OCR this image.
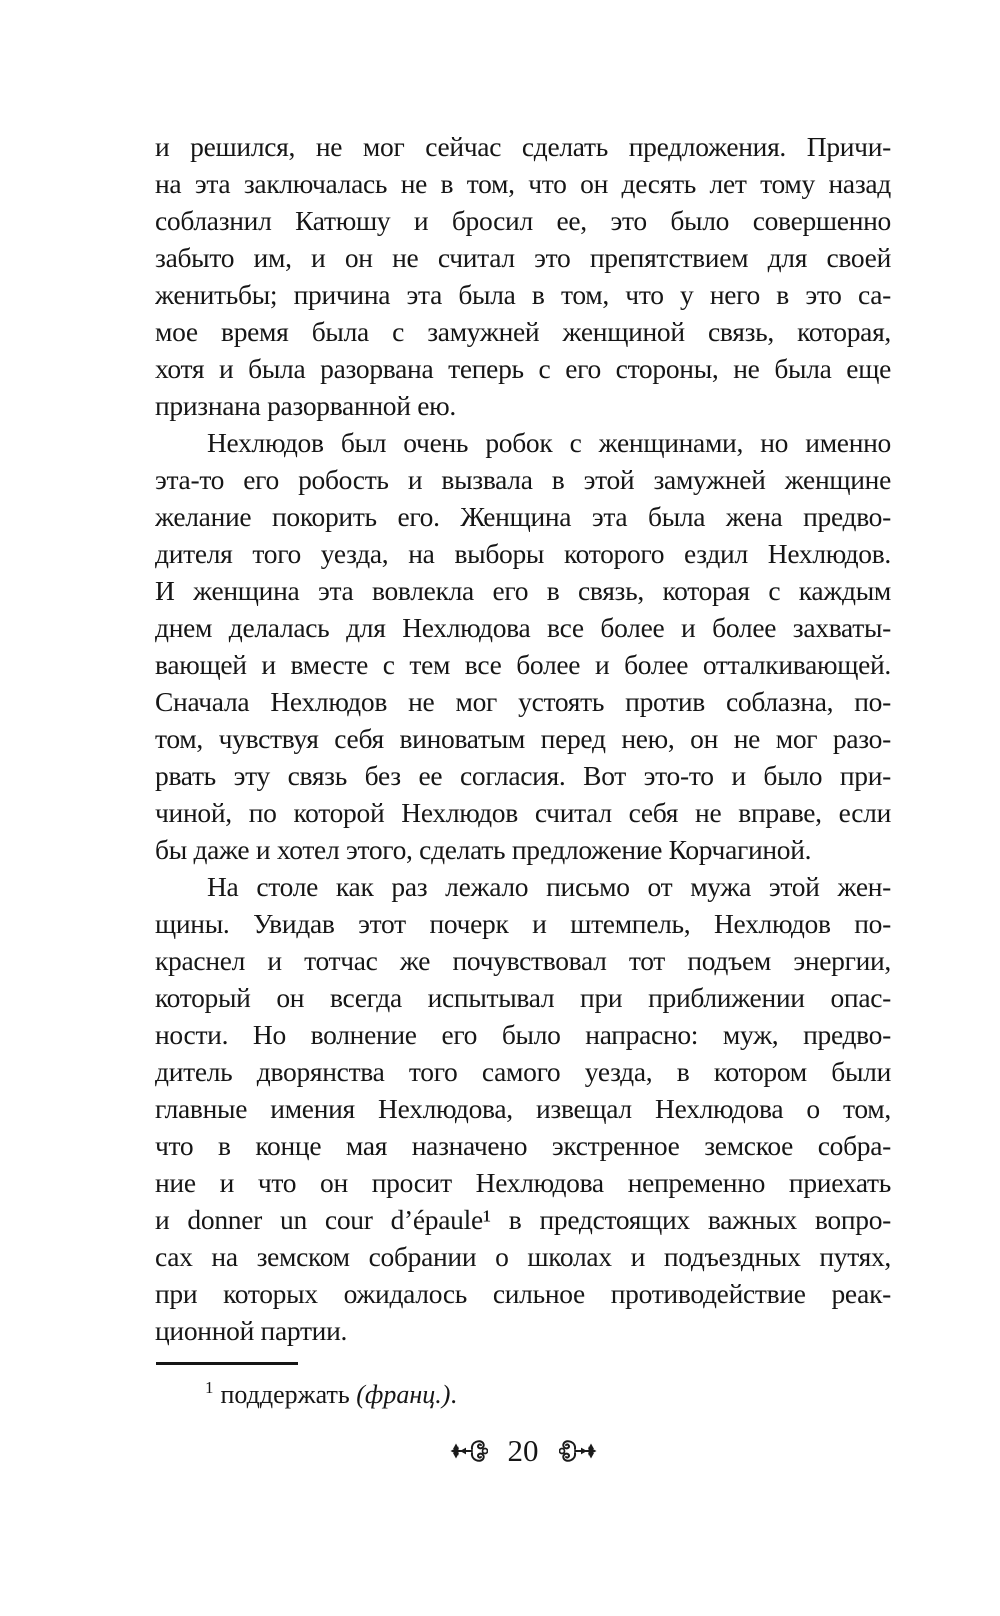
и решился, не мог сейчас сделать предложения. Причи-
на эта заключалась не в том, что он десять лет тому назад
соблазнил Катюшу и бросил ее, это было совершенно
забыто им, и он не считал это препятствием для своей
женитьбы; причина эта была в том, что у него в это са-
мое время была с замужней женщиной связь, которая,
хотя и была разорвана теперь с его стороны, не была еще
признана разорванной ею.
Нехлюдов был очень робок с женщинами, но именно
эта-то его робость и вызвала в этой замужней женщине
желание покорить его. Женщина эта была жена предво-
дителя того уезда, на выборы которого ездил Нехлюдов.
И женщина эта вовлекла его в связь, которая с каждым
днем делалась для Нехлюдова все более и более захваты-
вающей и вместе с тем все более и более отталкивающей.
Сначала Нехлюдов не мог устоять против соблазна, по-
том, чувствуя себя виноватым перед нею, он не мог разо-
рвать эту связь без ее согласия. Вот это-то и было при-
чиной, по которой Нехлюдов считал себя не вправе, если
бы даже и хотел этого, сделать предложение Корчагиной.
На столе как раз лежало письмо от мужа этой жен-
щины. Увидав этот почерк и штемпель, Нехлюдов по-
краснел и тотчас же почувствовал тот подъем энергии,
который он всегда испытывал при приближении опас-
ности. Но волнение его было напрасно: муж, предво-
дитель дворянства того самого уезда, в котором были
главные имения Нехлюдова, извещал Нехлюдова о том,
что в конце мая назначено экстренное земское собра-
ние и что он просит Нехлюдова непременно приехать
и donner un cour d’épaule¹ в предстоящих важных вопро-
сах на земском собрании о школах и подъездных путях,
при которых ожидалось сильное противодействие реак-
ционной партии.
$^1$ поддержать (франц.).
20
